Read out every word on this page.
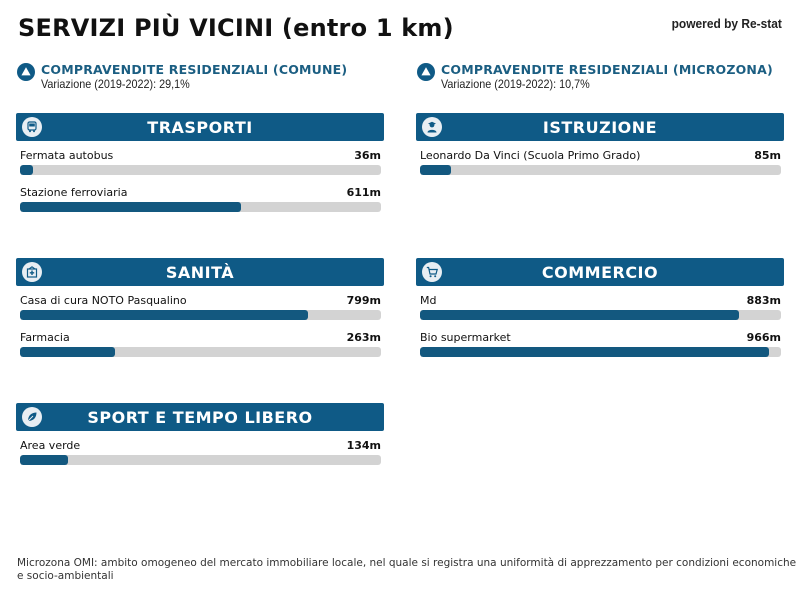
SERVIZI PIÙ VICINI (entro 1 km)	powered by Re-stat
COMPRAVENDITE RESIDENZIALI (COMUNE)
Variazione (2019-2022): 29,1%
COMPRAVENDITE RESIDENZIALI (MICROZONA)
Variazione (2019-2022): 10,7%
TRASPORTI
Fermata autobus	36m
Stazione ferroviaria	611m
ISTRUZIONE
Leonardo Da Vinci (Scuola Primo Grado)	85m
SANITÀ
Casa di cura NOTO Pasqualino	799m
Farmacia	263m
COMMERCIO
Md	883m
Bio supermarket	966m
SPORT E TEMPO LIBERO
Area verde	134m
Microzona OMI: ambito omogeneo del mercato immobiliare locale, nel quale si registra una uniformità di apprezzamento per condizioni economiche e socio-ambientali
